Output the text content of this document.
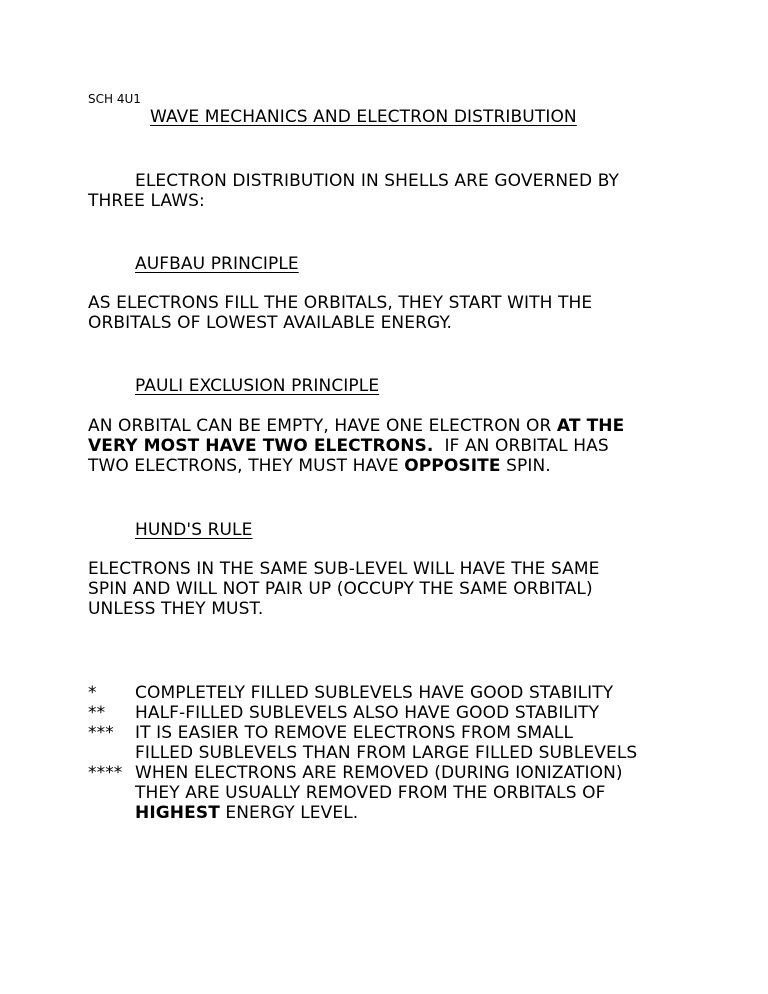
SCH 4U1
WAVE MECHANICS AND ELECTRON DISTRIBUTION
ELECTRON DISTRIBUTION IN SHELLS ARE GOVERNED BY
THREE LAWS:
AUFBAU PRINCIPLE
AS ELECTRONS FILL THE ORBITALS, THEY START WITH THE
ORBITALS OF LOWEST AVAILABLE ENERGY.
PAULI EXCLUSION PRINCIPLE
AN ORBITAL CAN BE EMPTY, HAVE ONE ELECTRON OR AT THE
VERY MOST HAVE TWO ELECTRONS.  IF AN ORBITAL HAS
TWO ELECTRONS, THEY MUST HAVE OPPOSITE SPIN.
HUND'S RULE
ELECTRONS IN THE SAME SUB-LEVEL WILL HAVE THE SAME
SPIN AND WILL NOT PAIR UP (OCCUPY THE SAME ORBITAL)
UNLESS THEY MUST.
* COMPLETELY FILLED SUBLEVELS HAVE GOOD STABILITY
** HALF-FILLED SUBLEVELS ALSO HAVE GOOD STABILITY
*** IT IS EASIER TO REMOVE ELECTRONS FROM SMALL
FILLED SUBLEVELS THAN FROM LARGE FILLED SUBLEVELS
**** WHEN ELECTRONS ARE REMOVED (DURING IONIZATION)
THEY ARE USUALLY REMOVED FROM THE ORBITALS OF
HIGHEST ENERGY LEVEL.
